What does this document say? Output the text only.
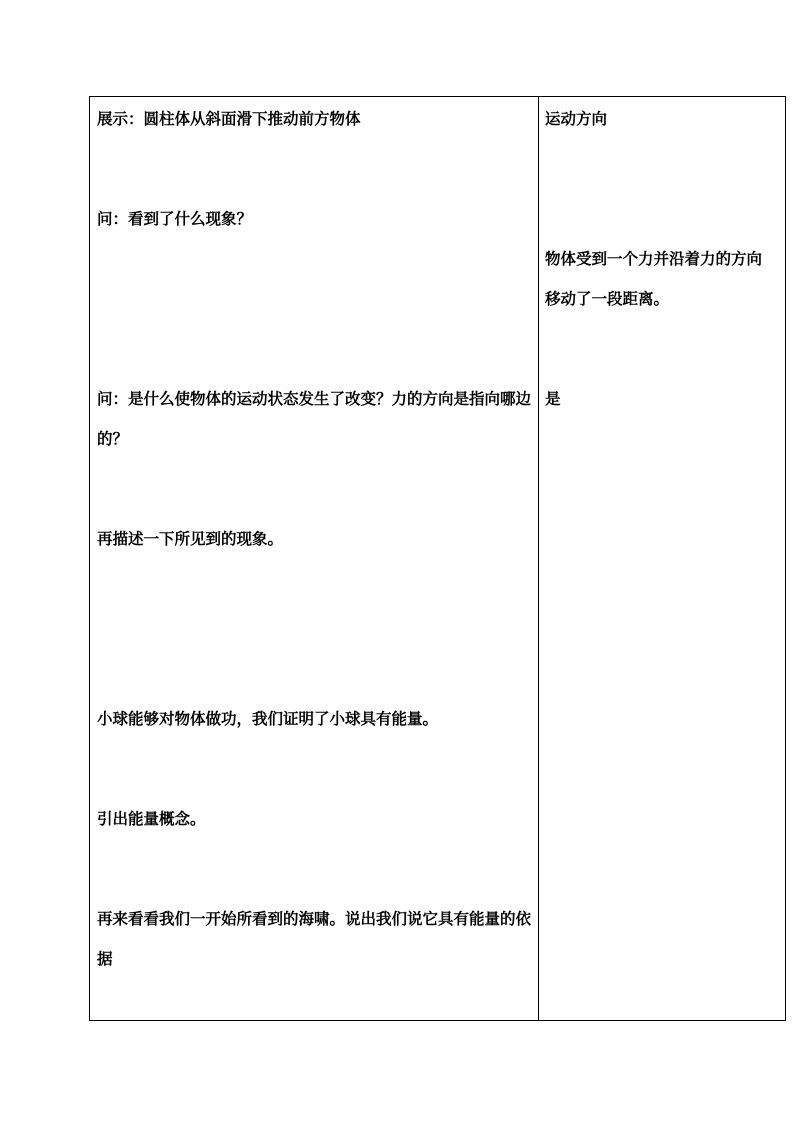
展示：圆柱体从斜面滑下推动前方物体
问：看到了什么现象？
问：是什么使物体的运动状态发生了改变？力的方向是指向哪边的？
再描述一下所见到的现象。
小球能够对物体做功，我们证明了小球具有能量。
引出能量概念。
再来看看我们一开始所看到的海啸。说出我们说它具有能量的依据
运动方向
物体受到一个力并沿着力的方向移动了一段距离。
是
